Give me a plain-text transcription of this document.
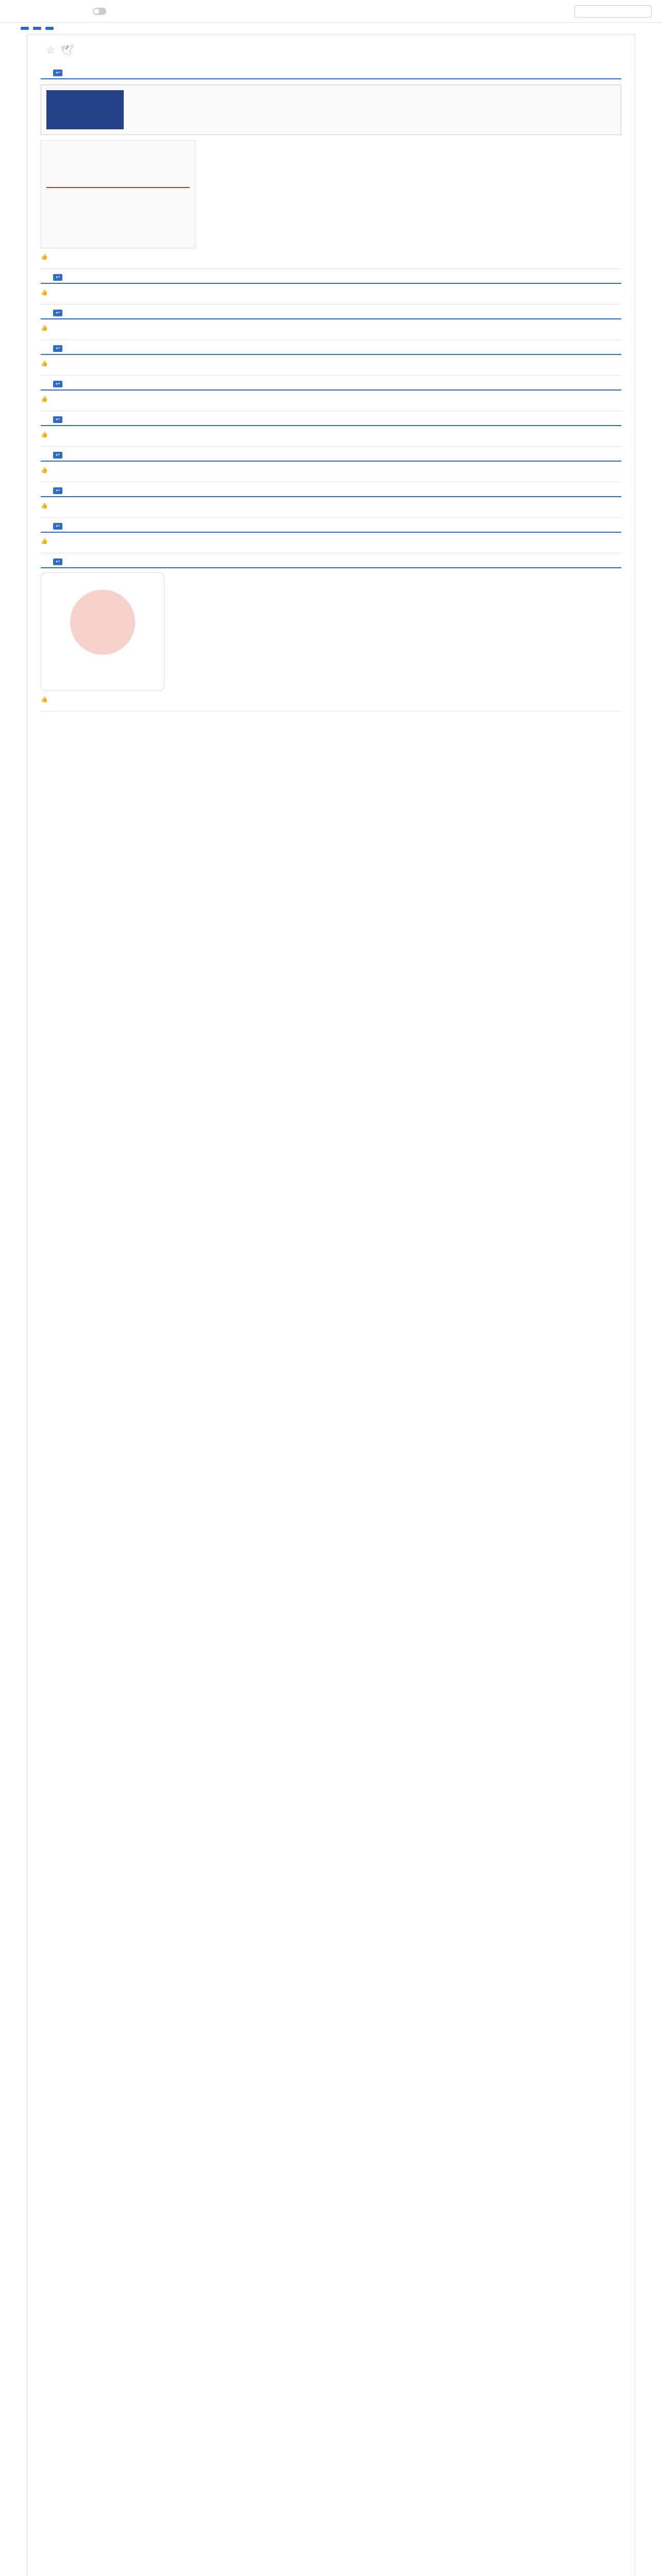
☆ 🕊
↩
👍
↩
👍
↩
👍
↩
👍
↩
👍
↩
👍
↩
👍
↩
👍
↩
👍
↩
👍
